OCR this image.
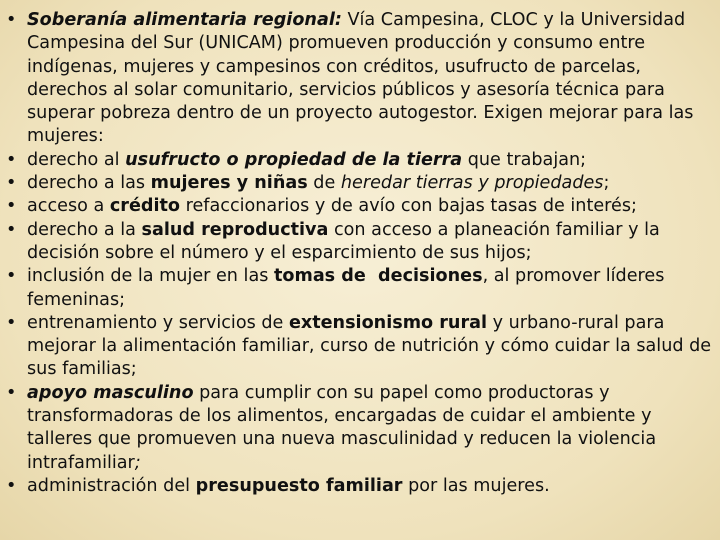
• Soberanía alimentaria regional: Vía Campesina, CLOC y la Universidad Campesina del Sur (UNICAM) promueven producción y consumo entre indígenas, mujeres y campesinos con créditos, usufructo de parcelas, derechos al solar comunitario, servicios públicos y asesoría técnica para superar pobreza dentro de un proyecto autogestor. Exigen mejorar para las mujeres:
• derecho al usufructo o propiedad de la tierra que trabajan;
• derecho a las mujeres y niñas de heredar tierras y propiedades;
• acceso a crédito refaccionarios y de avío con bajas tasas de interés;
• derecho a la salud reproductiva con acceso a planeación familiar y la decisión sobre el número y el esparcimiento de sus hijos;
• inclusión de la mujer en las tomas de  decisiones, al promover líderes femeninas;
• entrenamiento y servicios de extensionismo rural y urbano-rural para mejorar la alimentación familiar, curso de nutrición y cómo cuidar la salud de sus familias;
• apoyo masculino para cumplir con su papel como productoras y transformadoras de los alimentos, encargadas de cuidar el ambiente y talleres que promueven una nueva masculinidad y reducen la violencia intrafamiliar;
• administración del presupuesto familiar por las mujeres.
